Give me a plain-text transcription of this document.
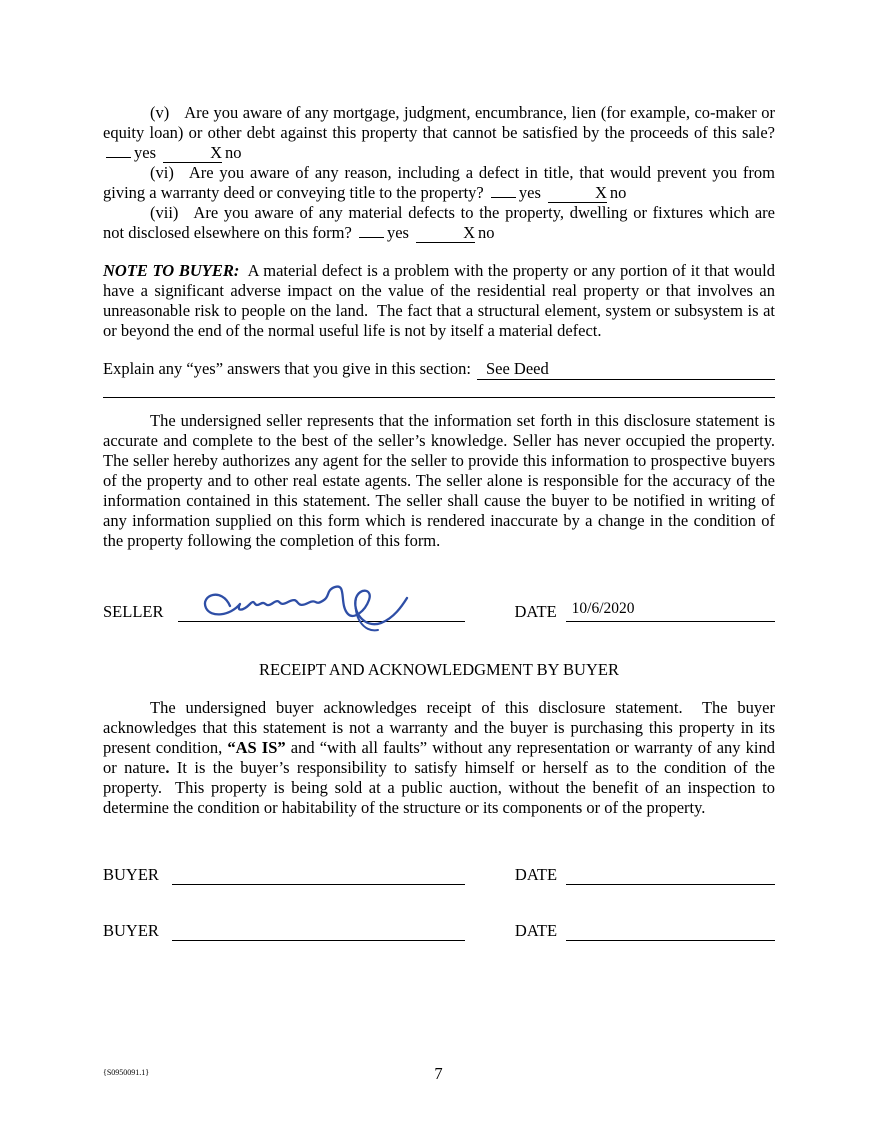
(v) Are you aware of any mortgage, judgment, encumbrance, lien (for example, co-maker or equity loan) or other debt against this property that cannot be satisfied by the proceeds of this sale? yes	X no

(vi) Are you aware of any reason, including a defect in title, that would prevent you from giving a warranty deed or conveying title to the property? yes	X no

(vii) Are you aware of any material defects to the property, dwelling or fixtures which are not disclosed elsewhere on this form? yes	X no

NOTE TO BUYER:  A material defect is a problem with the property or any portion of it that would have a significant adverse impact on the value of the residential real property or that involves an unreasonable risk to people on the land.  The fact that a structural element, system or subsystem is at or beyond the end of the normal useful life is not by itself a material defect.

Explain any “yes” answers that you give in this section: See Deed

The undersigned seller represents that the information set forth in this disclosure statement is accurate and complete to the best of the seller’s knowledge. Seller has never occupied the property. The seller hereby authorizes any agent for the seller to provide this information to prospective buyers of the property and to other real estate agents. The seller alone is responsible for the accuracy of the information contained in this statement. The seller shall cause the buyer to be notified in writing of any information supplied on this form which is rendered inaccurate by a change in the condition of the property following the completion of this form.

SELLER	DATE 10/6/2020

RECEIPT AND ACKNOWLEDGMENT BY BUYER

The undersigned buyer acknowledges receipt of this disclosure statement.  The buyer acknowledges that this statement is not a warranty and the buyer is purchasing this property in its present condition, “AS IS” and “with all faults” without any representation or warranty of any kind or nature. It is the buyer’s responsibility to satisfy himself or herself as to the condition of the property.  This property is being sold at a public auction, without the benefit of an inspection to determine the condition or habitability of the structure or its components or of the property.

BUYER	DATE
BUYER	DATE
{S0950091.1}	7
